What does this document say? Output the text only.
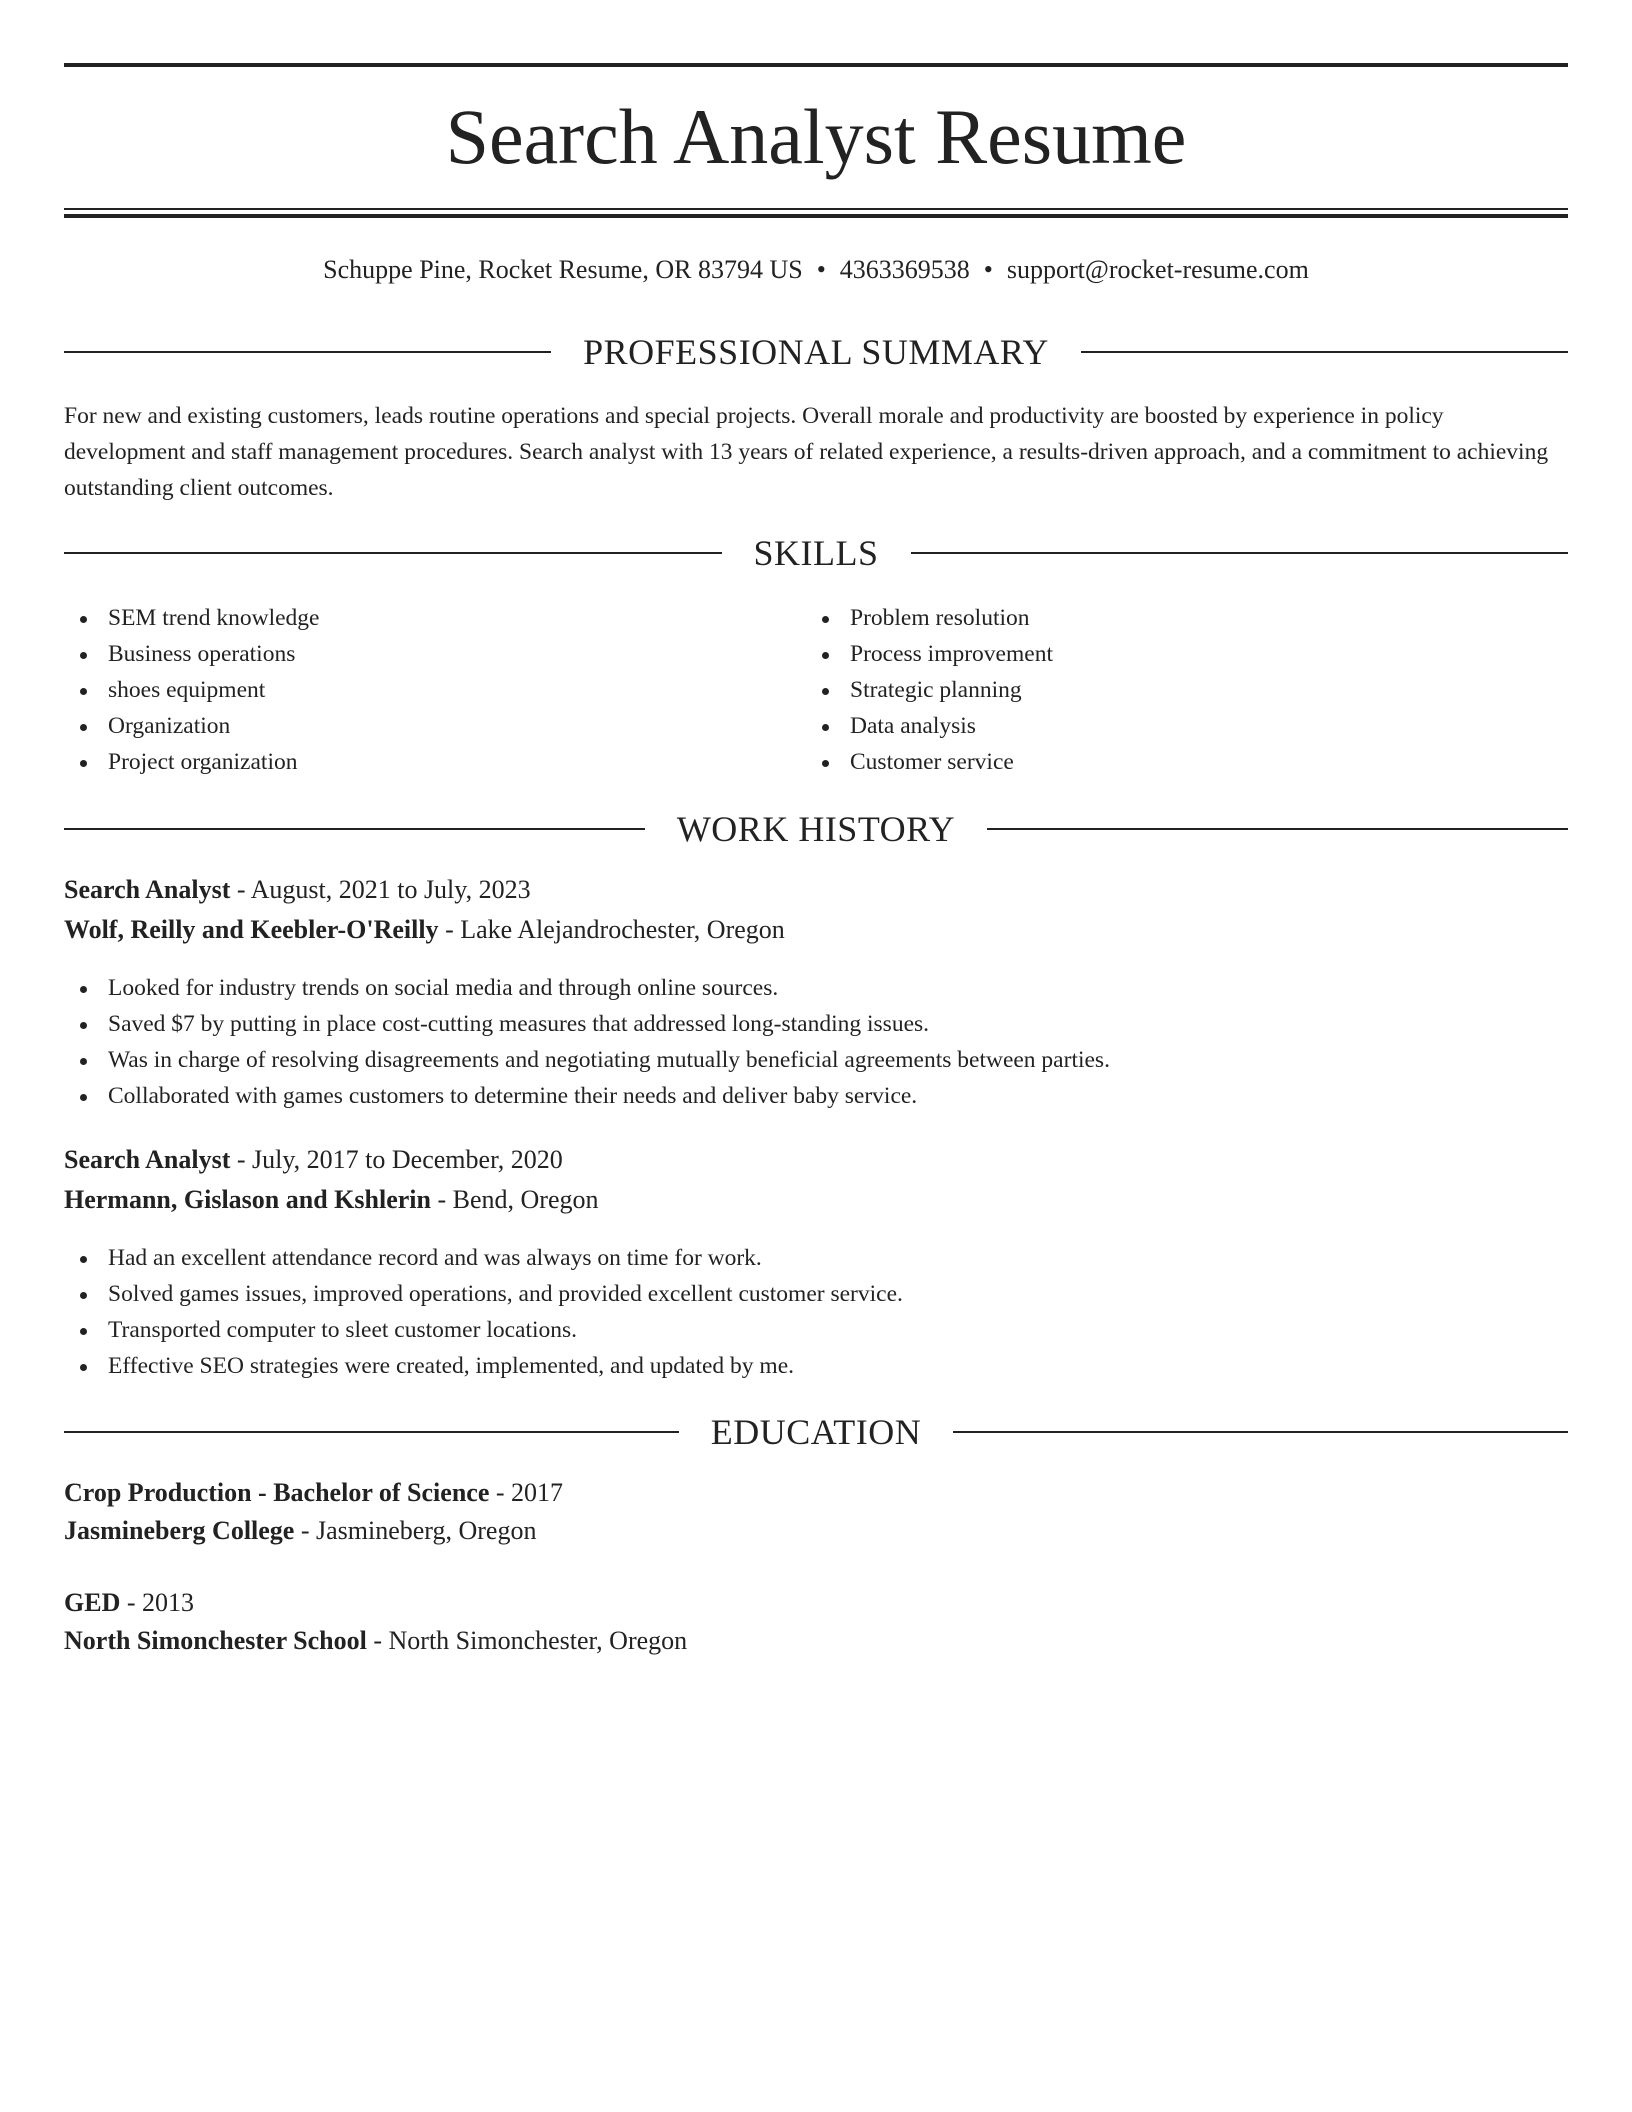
Search Analyst Resume
Schuppe Pine, Rocket Resume, OR 83794 US • 4363369538 • support@rocket-resume.com
PROFESSIONAL SUMMARY

For new and existing customers, leads routine operations and special projects. Overall morale and productivity are boosted by experience in policy development and staff management procedures. Search analyst with 13 years of related experience, a results-driven approach, and a commitment to achieving outstanding client outcomes.

SKILLS
SEM trend knowledge
Business operations
shoes equipment
Organization
Project organization
Problem resolution
Process improvement
Strategic planning
Data analysis
Customer service
WORK HISTORY
Search Analyst - August, 2021 to July, 2023
Wolf, Reilly and Keebler-O'Reilly - Lake Alejandrochester, Oregon
Looked for industry trends on social media and through online sources.
Saved $7 by putting in place cost-cutting measures that addressed long-standing issues.
Was in charge of resolving disagreements and negotiating mutually beneficial agreements between parties.
Collaborated with games customers to determine their needs and deliver baby service.
Search Analyst - July, 2017 to December, 2020
Hermann, Gislason and Kshlerin - Bend, Oregon
Had an excellent attendance record and was always on time for work.
Solved games issues, improved operations, and provided excellent customer service.
Transported computer to sleet customer locations.
Effective SEO strategies were created, implemented, and updated by me.
EDUCATION
Crop Production - Bachelor of Science - 2017
Jasmineberg College - Jasmineberg, Oregon
GED - 2013
North Simonchester School - North Simonchester, Oregon
